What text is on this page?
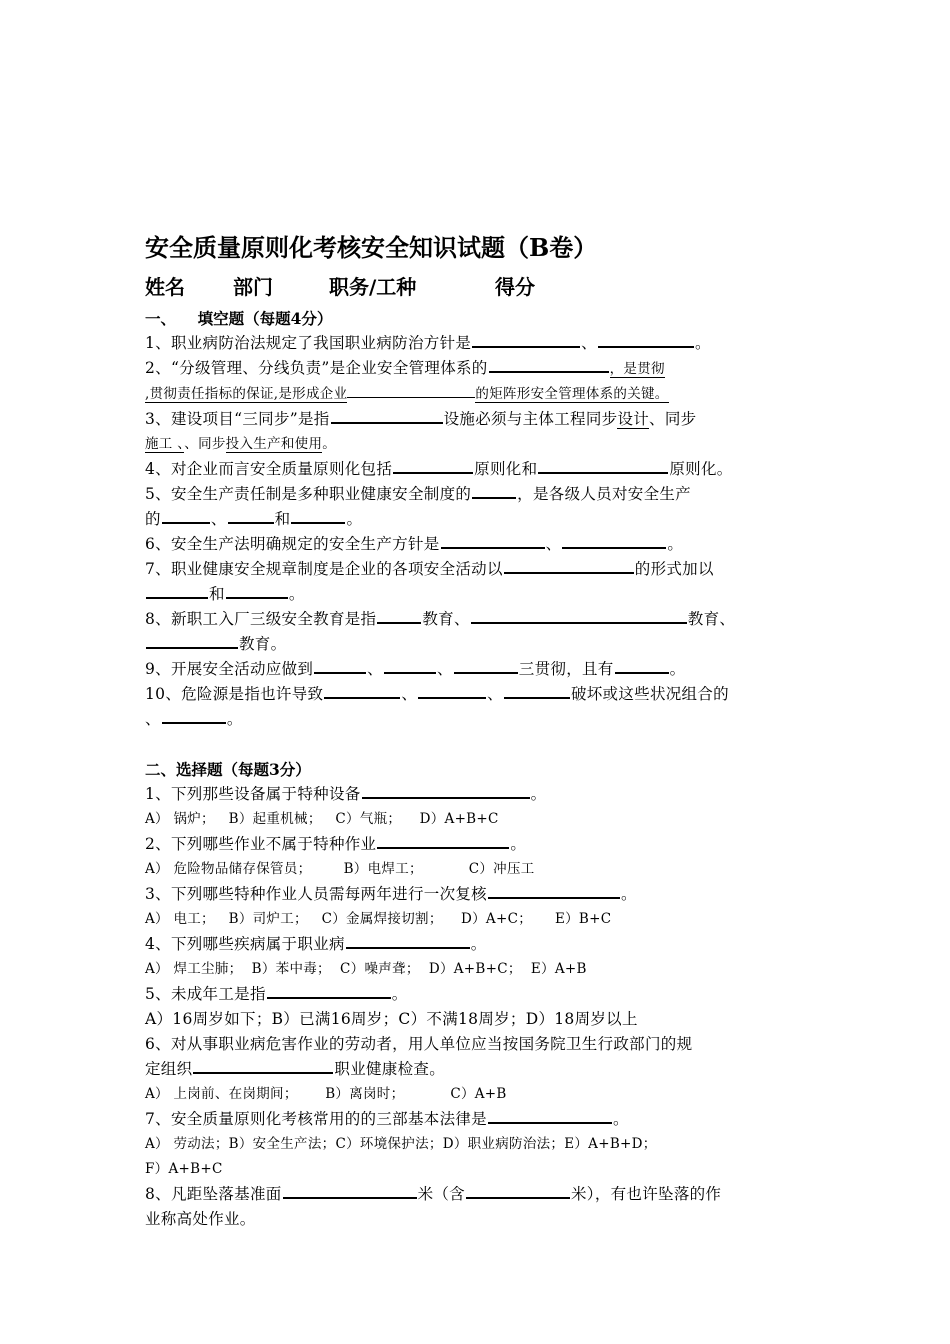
安全质量原则化考核安全知识试题（B卷）
姓名 部门	职务/工种	得分
一、    填空题（每题4分）
1、职业病防治法规定了我国职业病防治方针是	、	。
2、“分级管理、分线负责”是企业安全管理体系的	，是贯彻
,贯彻责任指标的保证,是形成企业	的矩阵形安全管理体系的关键。
3、建设项目“三同步”是指	设施必须与主体工程同步设计、同步
施工 、、同步投入生产和使用。
4、对企业而言安全质量原则化包括	原则化和	原则化。
5、安全生产责任制是多种职业健康安全制度的	，是各级人员对安全生产
的	、	和	。
6、安全生产法明确规定的安全生产方针是	、	。
7、职业健康安全规章制度是企业的各项安全活动以	的形式加以
和	。
8、新职工入厂三级安全教育是指	教育、	教育、
教育。
9、开展安全活动应做到	、	、	三贯彻，且有	。
10、危险源是指也许导致	、	、	破坏或这些状况组合的
、	。
二、选择题（每题3分）
1、下列那些设备属于特种设备	。
A） 锅炉；   B）起重机械；   C）气瓶；    D）A+B+C
2、下列哪些作业不属于特种作业	。
A） 危险物品储存保管员；       B）电焊工；          C）冲压工
3、下列哪些特种作业人员需每两年进行一次复核	。
A） 电工；   B）司炉工；   C）金属焊接切割；    D）A+C；     E）B+C
4、下列哪些疾病属于职业病	。
A） 焊工尘肺；  B）苯中毒；  C）噪声聋；  D）A+B+C；  E）A+B
5、未成年工是指	。
A）16周岁如下；B）已满16周岁；C）不满18周岁；D）18周岁以上
6、对从事职业病危害作业的劳动者，用人单位应当按国务院卫生行政部门的规
定组织	职业健康检查。
A） 上岗前、在岗期间；      B）离岗时；          C）A+B
7、安全质量原则化考核常用的的三部基本法律是	。
A） 劳动法；B）安全生产法；C）环境保护法；D）职业病防治法；E）A+B+D；
F）A+B+C
8、凡距坠落基准面	米（含	米），有也许坠落的作
业称高处作业。
